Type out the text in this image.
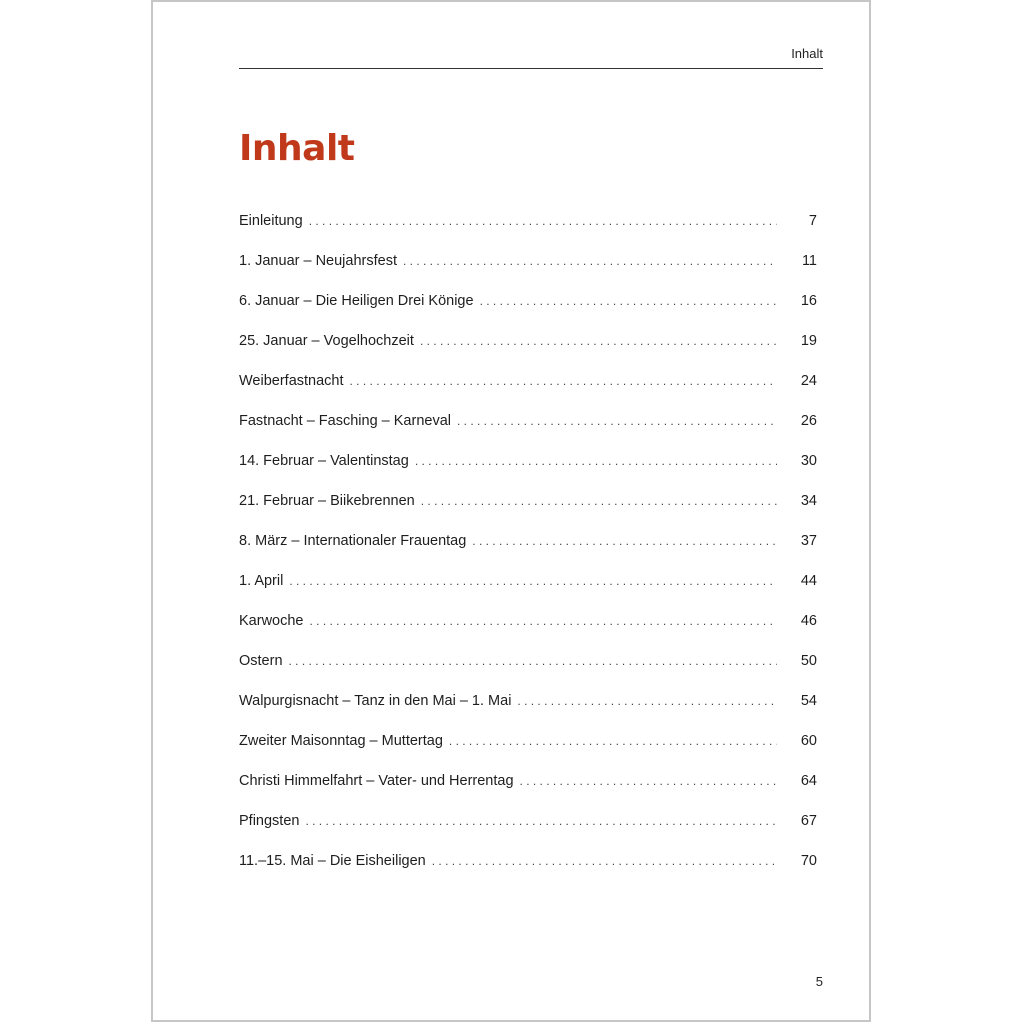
Inhalt
Inhalt
Einleitung . . .	7
1. Januar – Neujahrsfest . . .	11
6. Januar – Die Heiligen Drei Könige . . .	16
25. Januar – Vogelhochzeit . . .	19
Weiberfastnacht . . .	24
Fastnacht – Fasching – Karneval . . .	26
14. Februar – Valentinstag . . .	30
21. Februar – Biikebrennen . . .	34
8. März – Internationaler Frauentag . . .	37
1. April . . .	44
Karwoche . . .	46
Ostern . . .	50
Walpurgisnacht – Tanz in den Mai – 1. Mai . . .	54
Zweiter Maisonntag – Muttertag . . .	60
Christi Himmelfahrt – Vater- und Herrentag . . .	64
Pfingsten . . .	67
11.–15. Mai – Die Eisheiligen . . .	70
5
